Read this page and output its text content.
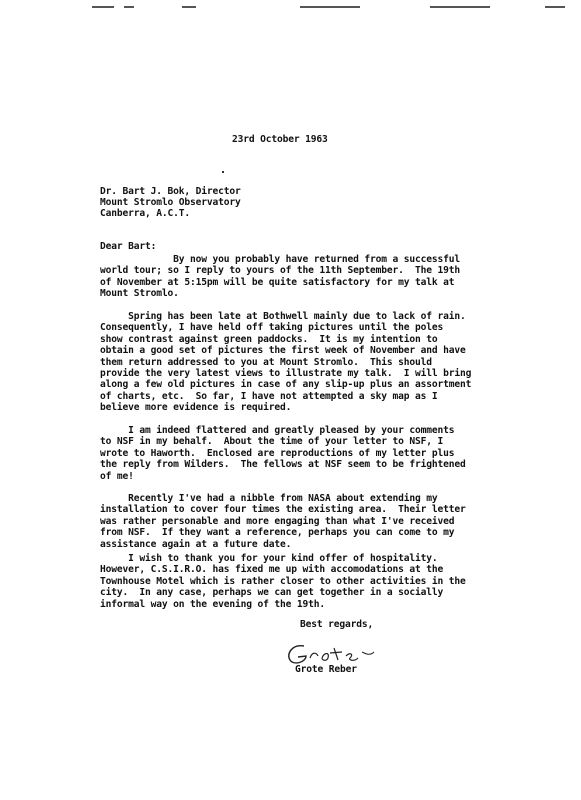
23rd October 1963
Dr. Bart J. Bok, Director
Mount Stromlo Observatory
Canberra, A.C.T.
Dear Bart:
By now you probably have returned from a successful
world tour; so I reply to yours of the 11th September.  The 19th
of November at 5:15pm will be quite satisfactory for my talk at
Mount Stromlo.
Spring has been late at Bothwell mainly due to lack of rain.
Consequently, I have held off taking pictures until the poles
show contrast against green paddocks.  It is my intention to
obtain a good set of pictures the first week of November and have
them return addressed to you at Mount Stromlo.  This should
provide the very latest views to illustrate my talk.  I will bring
along a few old pictures in case of any slip-up plus an assortment
of charts, etc.  So far, I have not attempted a sky map as I
believe more evidence is required.
I am indeed flattered and greatly pleased by your comments
to NSF in my behalf.  About the time of your letter to NSF, I
wrote to Haworth.  Enclosed are reproductions of my letter plus
the reply from Wilders.  The fellows at NSF seem to be frightened
of me!
Recently I've had a nibble from NASA about extending my
installation to cover four times the existing area.  Their letter
was rather personable and more engaging than what I've received
from NSF.  If they want a reference, perhaps you can come to my
assistance again at a future date.
I wish to thank you for your kind offer of hospitality.
However, C.S.I.R.O. has fixed me up with accomodations at the
Townhouse Motel which is rather closer to other activities in the
city.  In any case, perhaps we can get together in a socially
informal way on the evening of the 19th.
Best regards,
Grote Reber
